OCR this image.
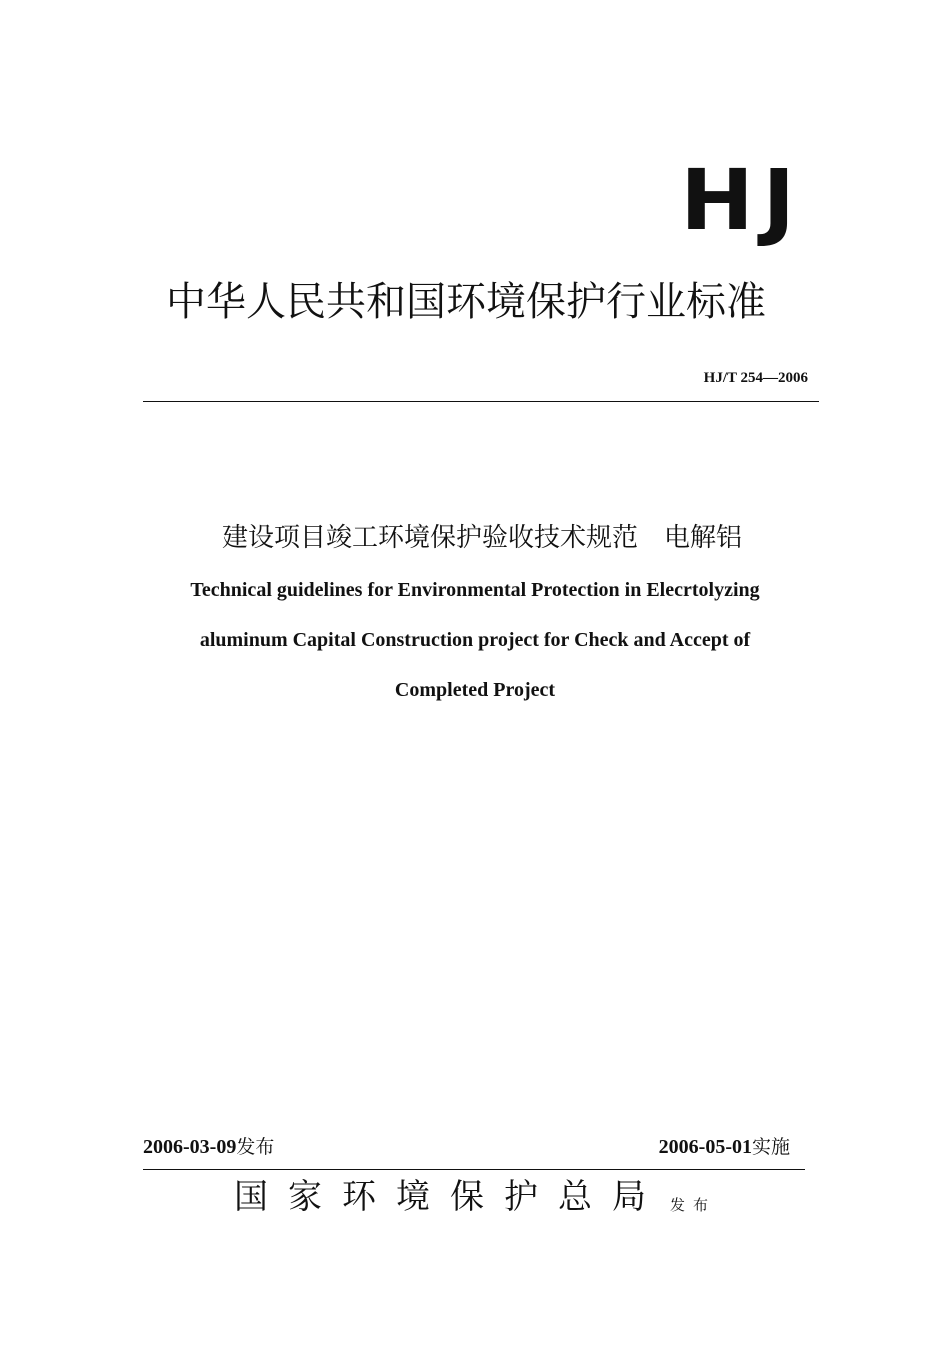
HJ
中华人民共和国环境保护行业标准
HJ/T 254—2006
建设项目竣工环境保护验收技术规范　电解铝
Technical guidelines for Environmental Protection in Elecrtolyzing
aluminum Capital Construction project for Check and Accept of
Completed Project
2006-03-09发布	2006-05-01实施
国家环境保护总局 发布
